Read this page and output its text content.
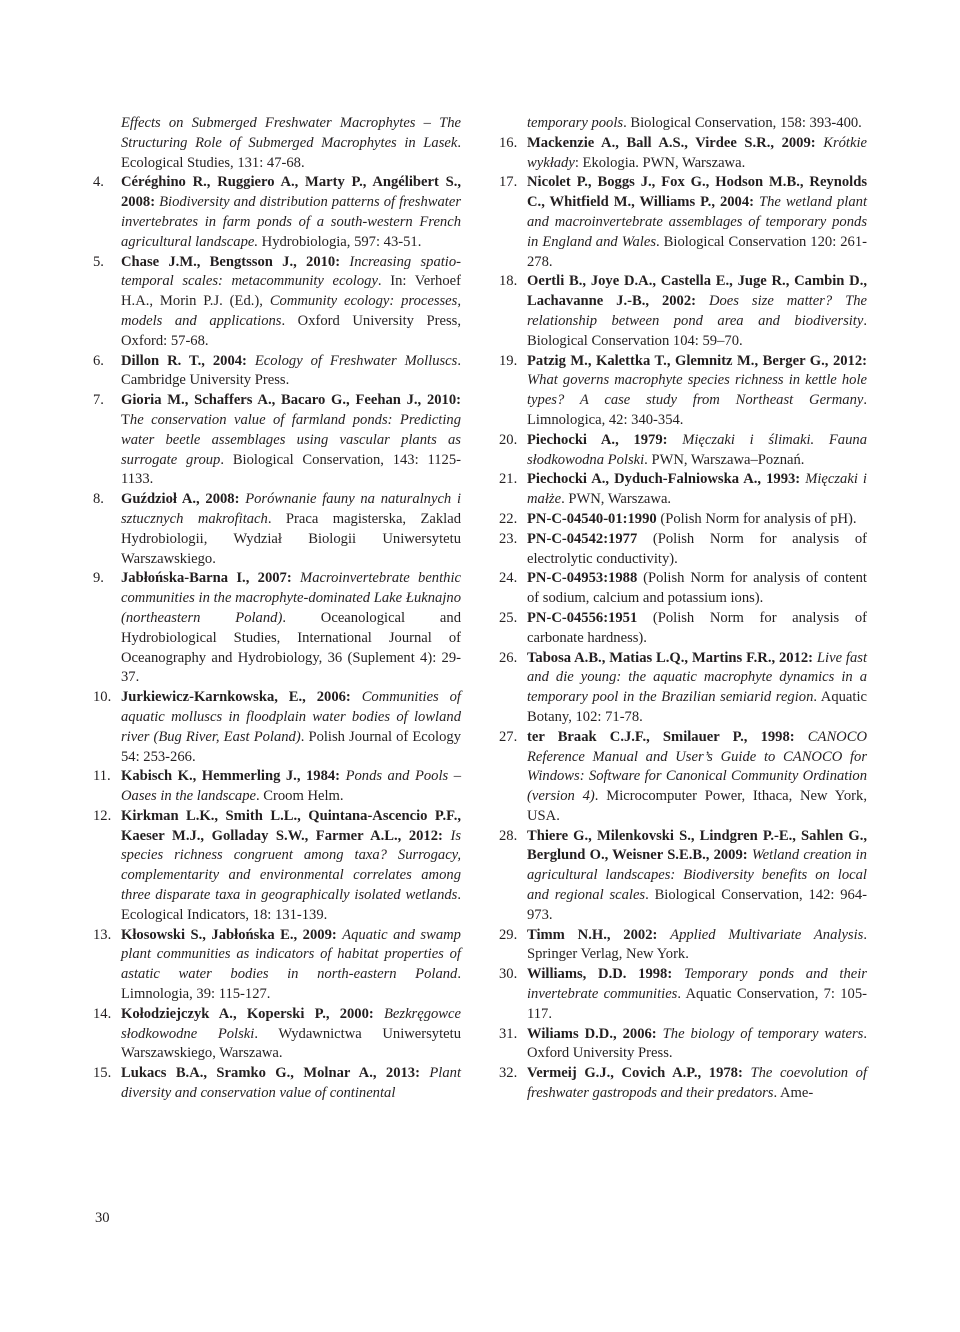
Effects on Submerged Freshwater Macrophytes – The Structuring Role of Submerged Macrophytes in Lasek. Ecological Studies, 131: 47-68.
4.	Céréghino R., Ruggiero A., Marty P., Angélibert S., 2008: Biodiversity and distribution patterns of freshwater invertebrates in farm ponds of a south-western French agricultural landscape. Hydrobiologia, 597: 43-51.
5.	Chase J.M., Bengtsson J., 2010: Increasing spatio-temporal scales: metacommunity ecology. In: Verhoef H.A., Morin P.J. (Ed.), Community ecology: processes, models and applications. Oxford University Press, Oxford: 57-68.
6.	Dillon R. T., 2004: Ecology of Freshwater Molluscs. Cambridge University Press.
7.	Gioria M., Schaffers A., Bacaro G., Feehan J., 2010: The conservation value of farmland ponds: Predicting water beetle assemblages using vascular plants as surrogate group. Biological Conservation, 143: 1125-1133.
8.	Guździoł A., 2008: Porównanie fauny na naturalnych i sztucznych makrofitach. Praca magisterska, Zaklad Hydrobiologii, Wydział Biologii Uniwersytetu Warszawskiego.
9.	Jabłońska-Barna I., 2007: Macroinvertebrate benthic communities in the macrophyte-dominated Lake Łuknajno (northeastern Poland). Oceanological and Hydrobiological Studies, International Journal of Oceanography and Hydrobiology, 36 (Suplement 4): 29-37.
10. Jurkiewicz-Karnkowska, E., 2006: Communities of aquatic molluscs in floodplain water bodies of lowland river (Bug River, East Poland). Polish Journal of Ecology 54: 253-266.
11. Kabisch K., Hemmerling J., 1984: Ponds and Pools – Oases in the landscape. Croom Helm.
12. Kirkman L.K., Smith L.L., Quintana-Ascencio P.F., Kaeser M.J., Golladay S.W., Farmer A.L., 2012: Is species richness congruent among taxa? Surrogacy, complementarity and environmental correlates among three disparate taxa in geographically isolated wetlands. Ecological Indicators, 18: 131-139.
13. Kłosowski S., Jabłońska E., 2009: Aquatic and swamp plant communities as indicators of habitat properties of astatic water bodies in north-eastern Poland. Limnologia, 39: 115-127.
14. Kołodziejczyk A., Koperski P., 2000: Bezkręgowce słodkowodne Polski. Wydawnictwa Uniwersytetu Warszawskiego, Warszawa.
15. Lukacs B.A., Sramko G., Molnar A., 2013: Plant diversity and conservation value of continental
temporary pools. Biological Conservation, 158: 393-400.
16. Mackenzie A., Ball A.S., Virdee S.R., 2009: Krótkie wykłady: Ekologia. PWN, Warszawa.
17. Nicolet P., Boggs J., Fox G., Hodson M.B., Reynolds C., Whitfield M., Williams P., 2004: The wetland plant and macroinvertebrate assemblages of temporary ponds in England and Wales. Biological Conservation 120: 261-278.
18. Oertli B., Joye D.A., Castella E., Juge R., Cambin D., Lachavanne J.-B., 2002: Does size matter? The relationship between pond area and biodiversity. Biological Conservation 104: 59–70.
19. Patzig M., Kalettka T., Glemnitz M., Berger G., 2012: What governs macrophyte species richness in kettle hole types? A case study from Northeast Germany. Limnologica, 42: 340-354.
20. Piechocki A., 1979: Mięczaki i ślimaki. Fauna słodkowodna Polski. PWN, Warszawa–Poznań.
21. Piechocki A., Dyduch-Falniowska A., 1993: Mięczaki i małże. PWN, Warszawa.
22. PN-C-04540-01:1990 (Polish Norm for analysis of pH).
23. PN-C-04542:1977 (Polish Norm for analysis of electrolytic conductivity).
24. PN-C-04953:1988 (Polish Norm for analysis of content of sodium, calcium and potassium ions).
25. PN-C-04556:1951 (Polish Norm for analysis of carbonate hardness).
26. Tabosa A.B., Matias L.Q., Martins F.R., 2012: Live fast and die young: the aquatic macrophyte dynamics in a temporary pool in the Brazilian semiarid region. Aquatic Botany, 102: 71-78.
27. ter Braak C.J.F., Smilauer P., 1998: CANOCO Reference Manual and User’s Guide to CANOCO for Windows: Software for Canonical Community Ordination (version 4). Microcomputer Power, Ithaca, New York, USA.
28. Thiere G., Milenkovski S., Lindgren P.-E., Sahlen G., Berglund O., Weisner S.E.B., 2009: Wetland creation in agricultural landscapes: Biodiversity benefits on local and regional scales. Biological Conservation, 142: 964-973.
29. Timm N.H., 2002: Applied Multivariate Analysis. Springer Verlag, New York.
30. Williams, D.D. 1998: Temporary ponds and their invertebrate communities. Aquatic Conservation, 7: 105-117.
31. Wiliams D.D., 2006: The biology of temporary waters. Oxford University Press.
32. Vermeij G.J., Covich A.P., 1978: The coevolution of freshwater gastropods and their predators. Ame-
30
